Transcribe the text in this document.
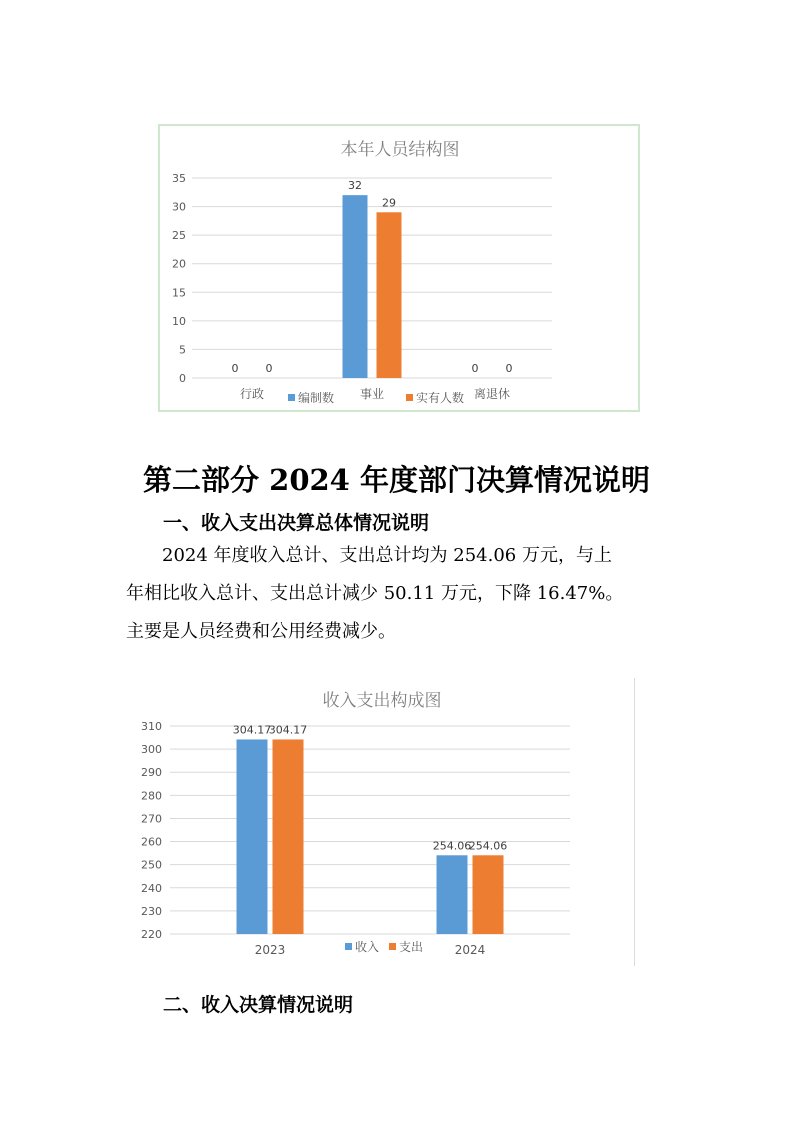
本年人员结构图
0
5
10
15
20
25
30
35
行政
0 0
事业
32
29
离退休
0 0
编制数	实有人数
第二部分 2024 年度部门决算情况说明
一、收入支出决算总体情况说明

2024 年度收入总计、支出总计均为 254.06 万元，与上

年相比收入总计、支出总计减少 50.11 万元，下降 16.47%。

主要是人员经费和公用经费减少。

收入支出构成图
220
230
240
250
260
270
280
290
300
310
2023
304.17
304.17
2024
254.06
254.06
收入 支出
二、收入决算情况说明
